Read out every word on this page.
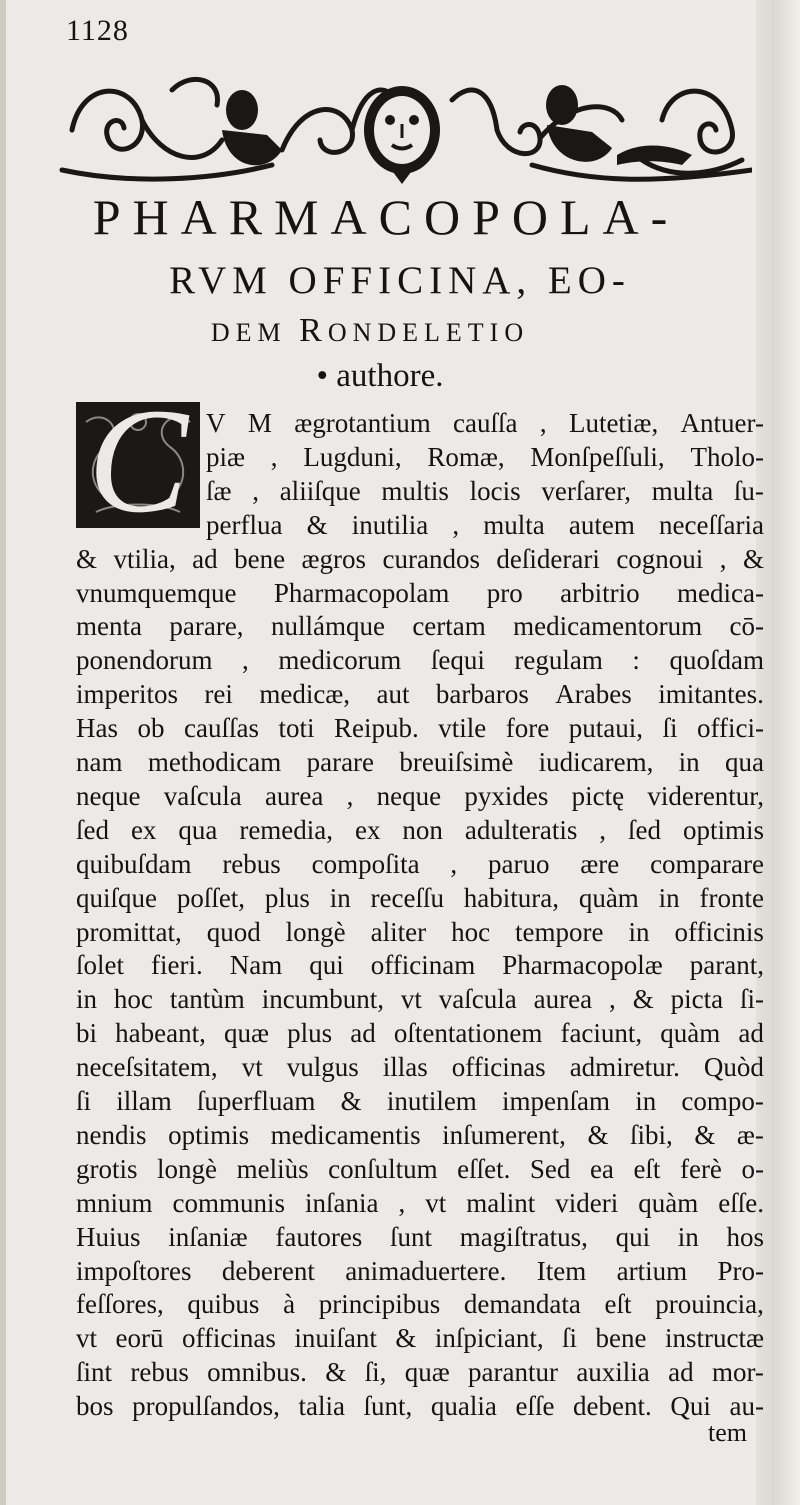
1128
PHARMACOPOLA-
RVM OFFICINA, EO-
DEM RONDELETIO
• authore.
C V M ægrotantium cauſſa , Lutetiæ, Antuer-
piæ , Lugduni, Romæ, Monſpeſſuli, Tholo-
ſæ , aliiſque multis locis verſarer, multa ſu-
perflua & inutilia , multa autem neceſſaria
& vtilia, ad bene ægros curandos deſiderari cognoui , &
vnumquemque Pharmacopolam pro arbitrio medica-
menta parare, nullámque certam medicamentorum cō-
ponendorum , medicorum ſequi regulam : quoſdam
imperitos rei medicæ, aut barbaros Arabes imitantes.
Has ob cauſſas toti Reipub. vtile fore putaui, ſi offici-
nam methodicam parare breuiſsimè iudicarem, in qua
neque vaſcula aurea , neque pyxides pictę viderentur,
ſed ex qua remedia, ex non adulteratis , ſed optimis
quibuſdam rebus compoſita , paruo ære comparare
quiſque poſſet, plus in receſſu habitura, quàm in fronte
promittat, quod longè aliter hoc tempore in officinis
ſolet fieri. Nam qui officinam Pharmacopolæ parant,
in hoc tantùm incumbunt, vt vaſcula aurea , & picta ſi-
bi habeant, quæ plus ad oſtentationem faciunt, quàm ad
neceſsitatem, vt vulgus illas officinas admiretur. Quòd
ſi illam ſuperfluam & inutilem impenſam in compo-
nendis optimis medicamentis inſumerent, & ſibi, & æ-
grotis longè meliùs conſultum eſſet. Sed ea eſt ferè o-
mnium communis inſania , vt malint videri quàm eſſe.
Huius inſaniæ fautores ſunt magiſtratus, qui in hos
impoſtores deberent animaduertere. Item artium Pro-
feſſores, quibus à principibus demandata eſt prouincia,
vt eorū officinas inuiſant & inſpiciant, ſi bene instructæ
ſint rebus omnibus. & ſi, quæ parantur auxilia ad mor-
bos propulſandos, talia ſunt, qualia eſſe debent. Qui au-
tem
